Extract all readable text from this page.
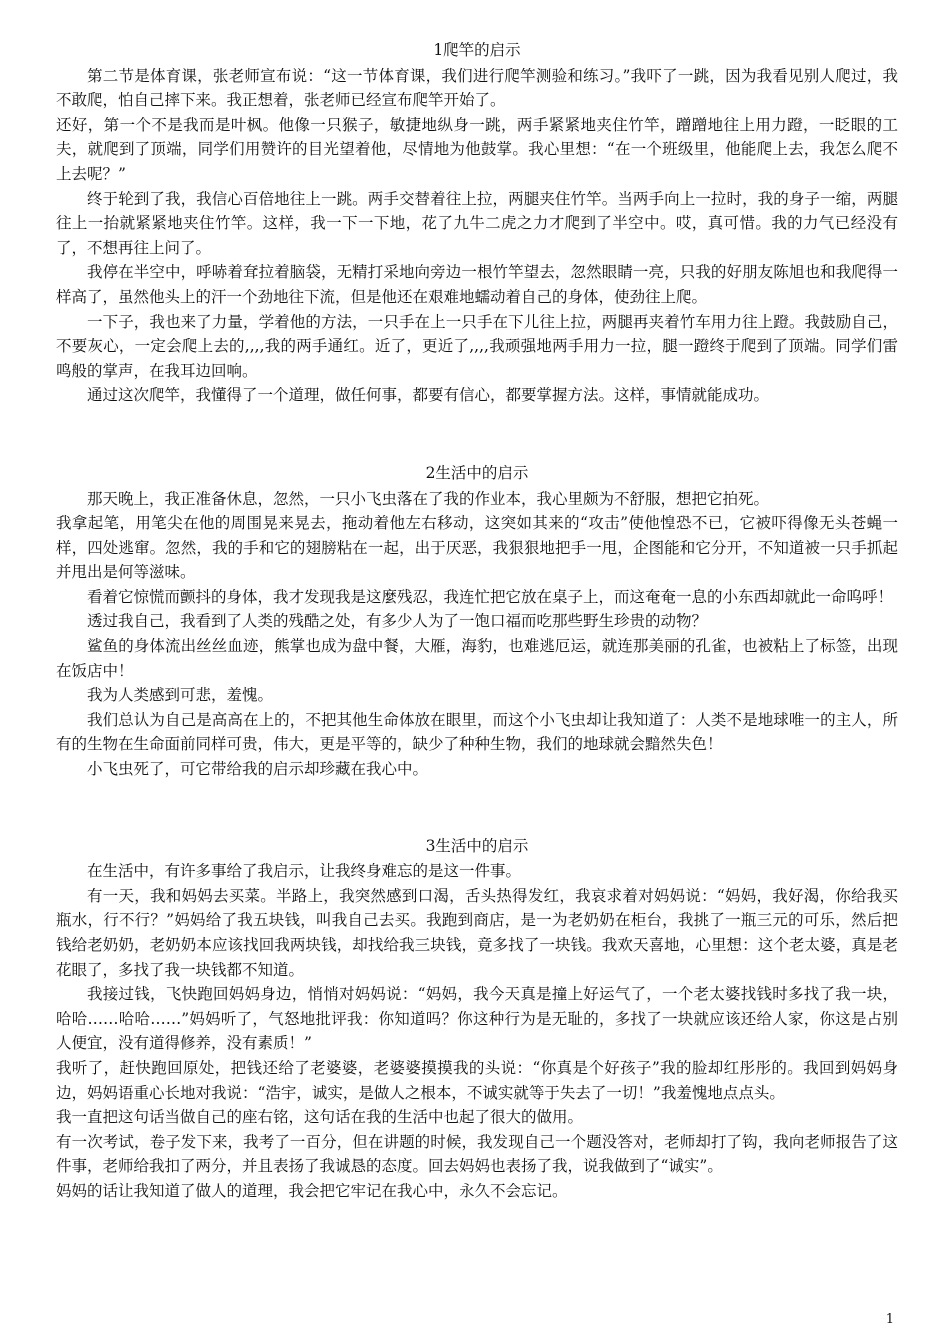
1爬竿的启示

第二节是体育课，张老师宣布说：“这一节体育课，我们进行爬竿测验和练习。”我吓了一跳，因为我看见别人爬过，我不敢爬，怕自己摔下来。我正想着，张老师已经宣布爬竿开始了。

还好，第一个不是我而是叶枫。他像一只猴子，敏捷地纵身一跳，两手紧紧地夹住竹竿，蹭蹭地往上用力蹬，一眨眼的工夫，就爬到了顶端，同学们用赞许的目光望着他，尽情地为他鼓掌。我心里想：“在一个班级里，他能爬上去，我怎么爬不上去呢？”

终于轮到了我，我信心百倍地往上一跳。两手交替着往上拉，两腿夹住竹竿。当两手向上一拉时，我的身子一缩，两腿往上一抬就紧紧地夹住竹竿。这样，我一下一下地，花了九牛二虎之力才爬到了半空中。哎，真可惜。我的力气已经没有了，不想再往上问了。

我停在半空中，呼哧着耷拉着脑袋，无精打采地向旁边一根竹竿望去，忽然眼睛一亮，只我的好朋友陈旭也和我爬得一样高了，虽然他头上的汗一个劲地往下流，但是他还在艰难地蠕动着自己的身体，使劲往上爬。

一下子，我也来了力量，学着他的方法，一只手在上一只手在下儿往上拉，两腿再夹着竹车用力往上蹬。我鼓励自己，不要灰心，一定会爬上去的,,,,我的两手通红。近了，更近了,,,,我顽强地两手用力一拉，腿一蹬终于爬到了顶端。同学们雷鸣般的掌声，在我耳边回响。

通过这次爬竿，我懂得了一个道理，做任何事，都要有信心，都要掌握方法。这样，事情就能成功。

2生活中的启示

那天晚上，我正准备休息，忽然，一只小飞虫落在了我的作业本，我心里颇为不舒服，想把它拍死。

我拿起笔，用笔尖在他的周围晃来晃去，拖动着他左右移动，这突如其来的“攻击”使他惶恐不已，它被吓得像无头苍蝇一样，四处逃窜。忽然，我的手和它的翅膀粘在一起，出于厌恶，我狠狠地把手一甩，企图能和它分开，不知道被一只手抓起并甩出是何等滋味。

看着它惊慌而颤抖的身体，我才发现我是这麼残忍，我连忙把它放在桌子上，而这奄奄一息的小东西却就此一命呜呼！

透过我自己，我看到了人类的残酷之处，有多少人为了一饱口福而吃那些野生珍贵的动物？

鲨鱼的身体流出丝丝血迹，熊掌也成为盘中餐，大雁，海豹，也难逃厄运，就连那美丽的孔雀，也被粘上了标签，出现在饭店中！

我为人类感到可悲，羞愧。

我们总认为自己是高高在上的，不把其他生命体放在眼里，而这个小飞虫却让我知道了：人类不是地球唯一的主人，所有的生物在生命面前同样可贵，伟大，更是平等的，缺少了种种生物，我们的地球就会黯然失色！

小飞虫死了，可它带给我的启示却珍藏在我心中。

3生活中的启示

在生活中，有许多事给了我启示，让我终身难忘的是这一件事。

有一天，我和妈妈去买菜。半路上，我突然感到口渴，舌头热得发红，我哀求着对妈妈说：“妈妈，我好渴，你给我买瓶水，行不行？”妈妈给了我五块钱，叫我自己去买。我跑到商店，是一为老奶奶在柜台，我挑了一瓶三元的可乐，然后把钱给老奶奶，老奶奶本应该找回我两块钱，却找给我三块钱，竟多找了一块钱。我欢天喜地，心里想：这个老太婆，真是老花眼了，多找了我一块钱都不知道。

我接过钱，飞快跑回妈妈身边，悄悄对妈妈说：“妈妈，我今天真是撞上好运气了，一个老太婆找钱时多找了我一块，哈哈……哈哈……”妈妈听了，气怒地批评我：你知道吗？你这种行为是无耻的，多找了一块就应该还给人家，你这是占别人便宜，没有道得修养，没有素质！”

我听了，赶快跑回原处，把钱还给了老婆婆，老婆婆摸摸我的头说：“你真是个好孩子”我的脸却红彤彤的。我回到妈妈身边，妈妈语重心长地对我说：“浩宇，诚实，是做人之根本，不诚实就等于失去了一切！”我羞愧地点点头。

我一直把这句话当做自己的座右铭，这句话在我的生活中也起了很大的做用。

有一次考试，卷子发下来，我考了一百分，但在讲题的时候，我发现自己一个题没答对，老师却打了钩，我向老师报告了这件事，老师给我扣了两分，并且表扬了我诚恳的态度。回去妈妈也表扬了我，说我做到了“诚实”。

妈妈的话让我知道了做人的道理，我会把它牢记在我心中，永久不会忘记。

1
